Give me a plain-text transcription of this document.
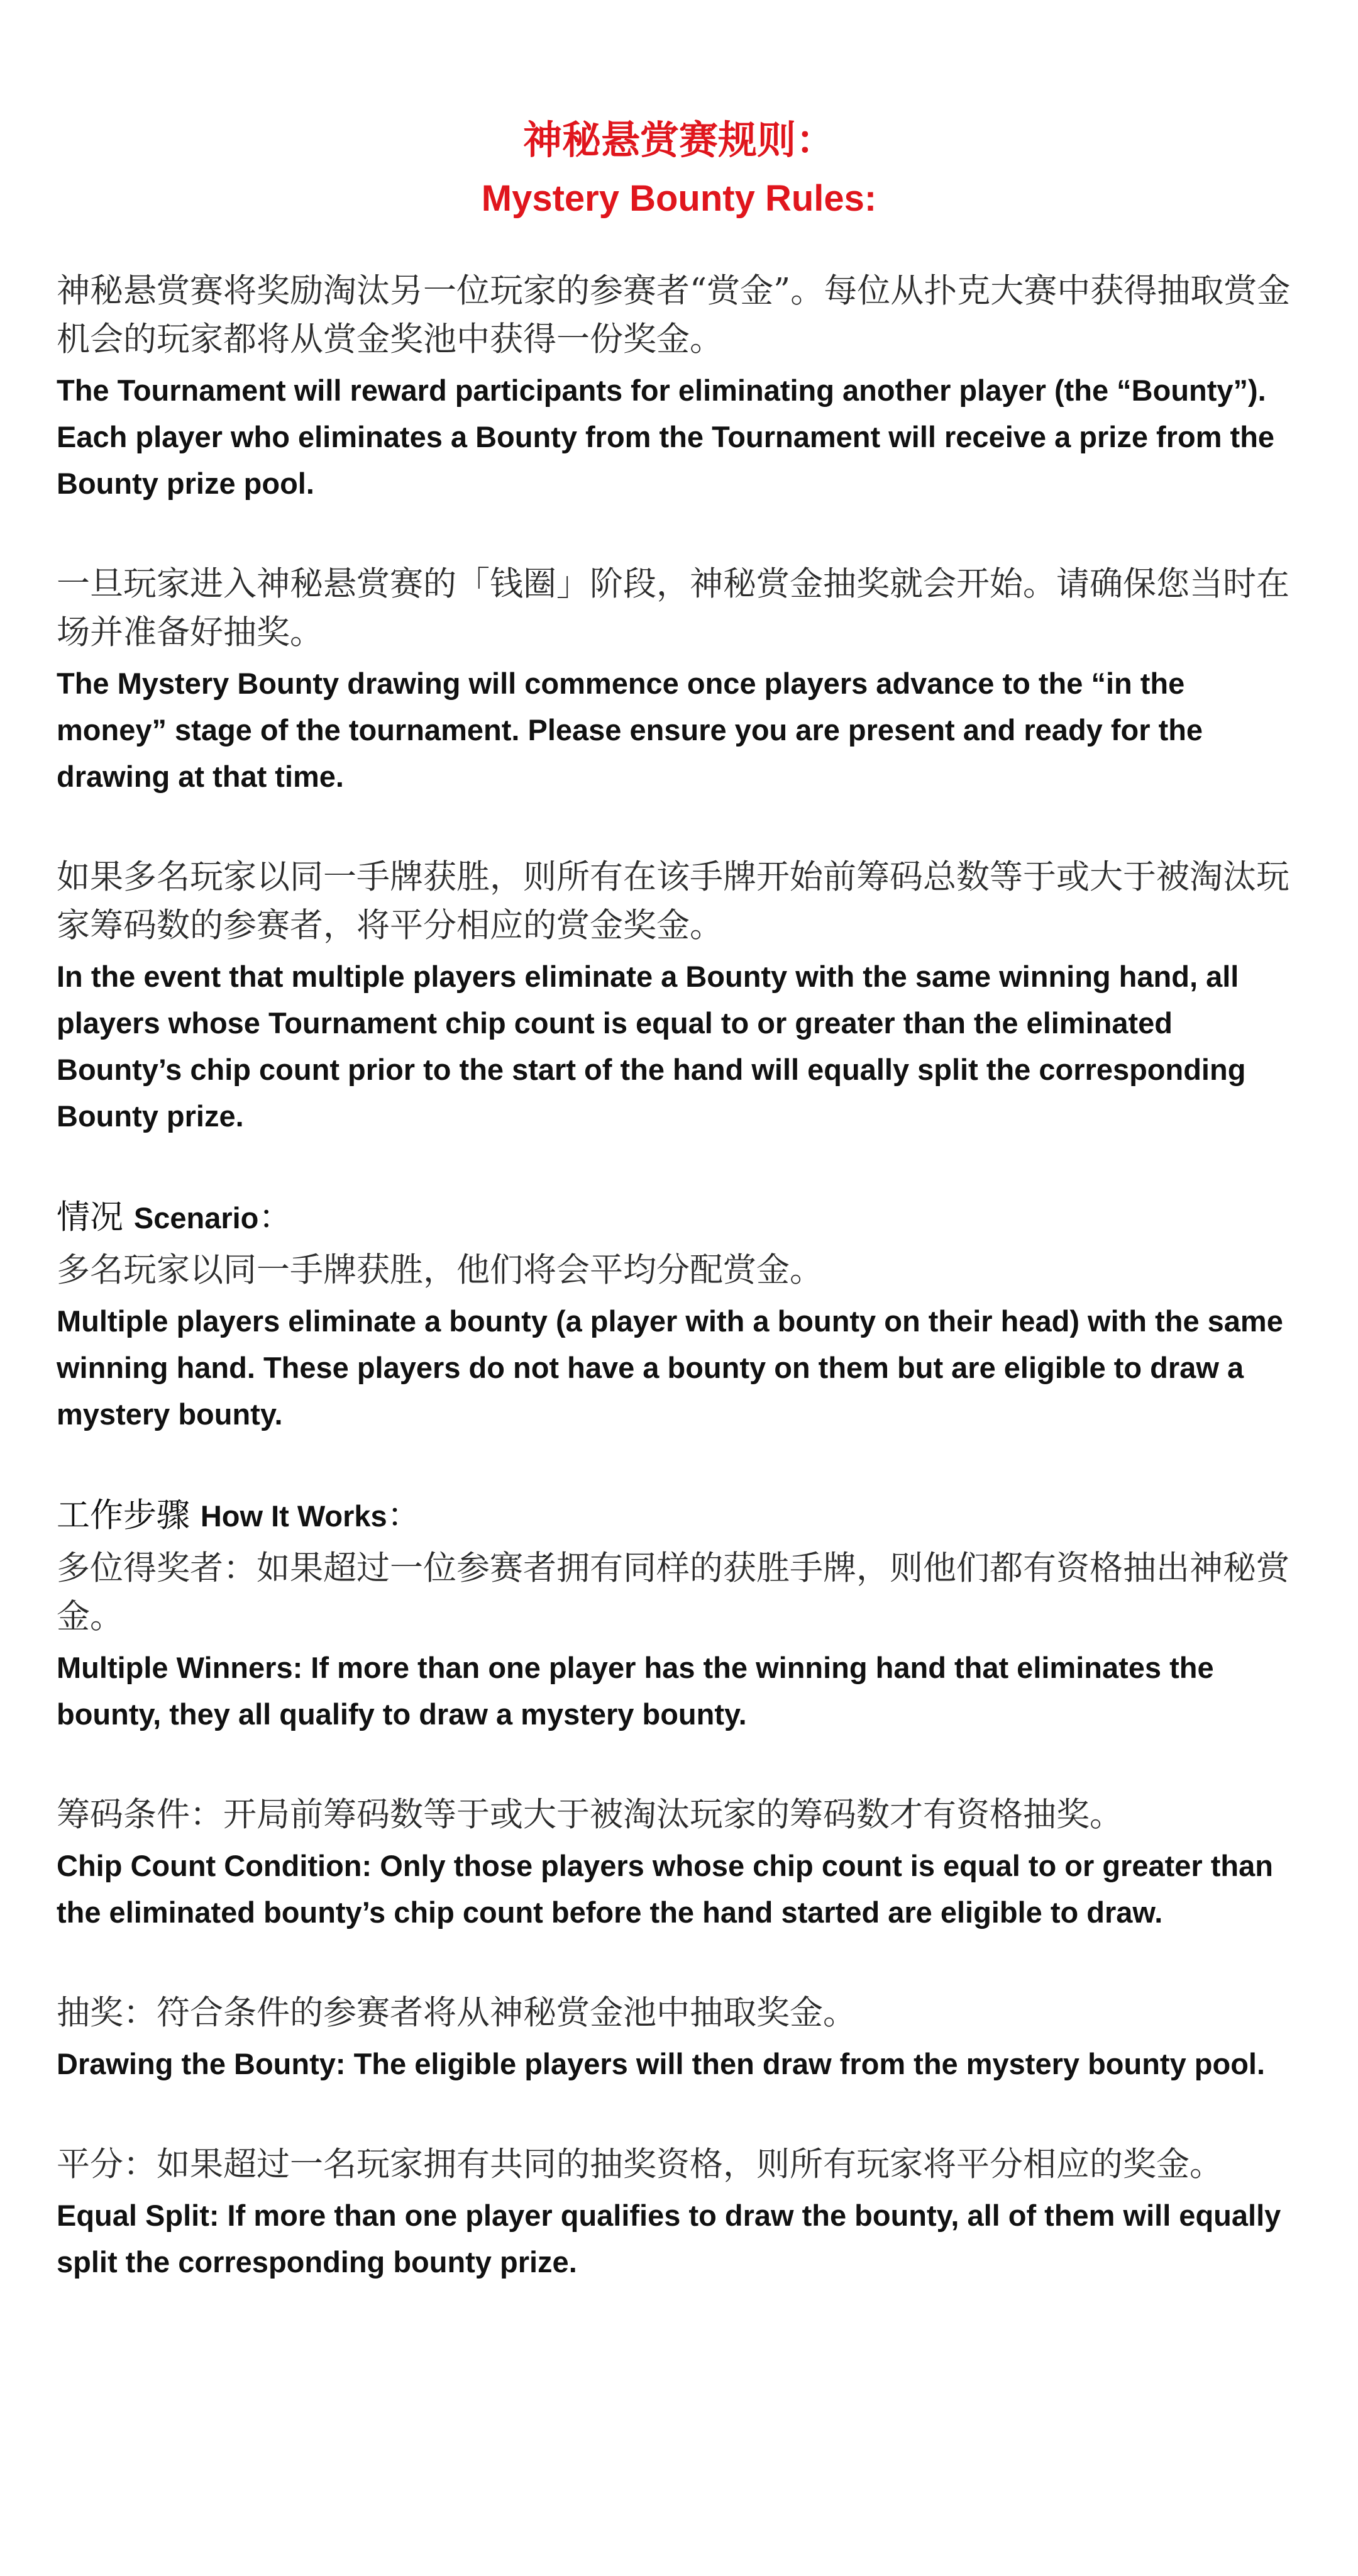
神秘悬赏赛规则：
Mystery Bounty Rules:

神秘悬赏赛将奖励淘汰另一位玩家的参赛者“赏金”。每位从扑克大赛中获得抽取赏金机会的玩家都将从赏金奖池中获得一份奖金。

The Tournament will reward participants for eliminating another player (the “Bounty”). Each player who eliminates a Bounty from the Tournament will receive a prize from the Bounty prize pool.

一旦玩家进入神秘悬赏赛的「钱圈」阶段，神秘赏金抽奖就会开始。请确保您当时在场并准备好抽奖。

The Mystery Bounty drawing will commence once players advance to the “in the money” stage of the tournament. Please ensure you are present and ready for the drawing at that time.

如果多名玩家以同一手牌获胜，则所有在该手牌开始前筹码总数等于或大于被淘汰玩家筹码数的参赛者，将平分相应的赏金奖金。

In the event that multiple players eliminate a Bounty with the same winning hand, all players whose Tournament chip count is equal to or greater than the eliminated Bounty’s chip count prior to the start of the hand will equally split the corresponding Bounty prize.

情况 Scenario：

多名玩家以同一手牌获胜，他们将会平均分配赏金。

Multiple players eliminate a bounty (a player with a bounty on their head) with the same winning hand. These players do not have a bounty on them but are eligible to draw a mystery bounty.

工作步骤 How It Works：

多位得奖者：如果超过一位参赛者拥有同样的获胜手牌，则他们都有资格抽出神秘赏金。

Multiple Winners: If more than one player has the winning hand that eliminates the bounty, they all qualify to draw a mystery bounty.

筹码条件：开局前筹码数等于或大于被淘汰玩家的筹码数才有资格抽奖。

Chip Count Condition: Only those players whose chip count is equal to or greater than the eliminated bounty’s chip count before the hand started are eligible to draw.

抽奖：符合条件的参赛者将从神秘赏金池中抽取奖金。

Drawing the Bounty: The eligible players will then draw from the mystery bounty pool.

平分：如果超过一名玩家拥有共同的抽奖资格，则所有玩家将平分相应的奖金。

Equal Split: If more than one player qualifies to draw the bounty, all of them will equally split the corresponding bounty prize.
